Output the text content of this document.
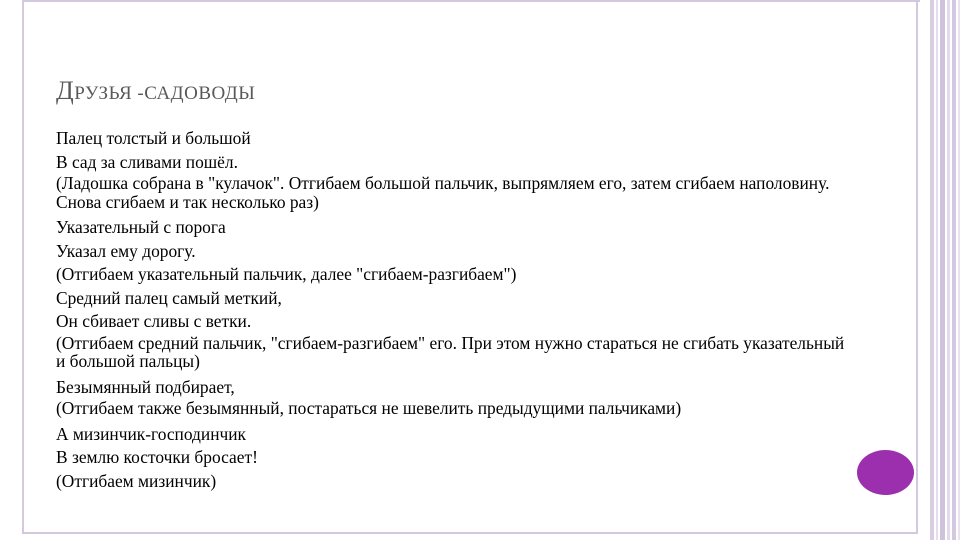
ДРУЗЬЯ -САДОВОДЫ
Палец толстый и большой
В сад за сливами пошёл.
(Ладошка собрана в "кулачок". Отгибаем большой пальчик, выпрямляем его, затем сгибаем наполовину. Снова сгибаем и так несколько раз)
Указательный с порога
Указал ему дорогу.
(Отгибаем указательный пальчик, далее "сгибаем-разгибаем")
Средний палец самый меткий,
Он сбивает сливы с ветки.
(Отгибаем средний пальчик, "сгибаем-разгибаем" его. При этом нужно стараться не сгибать указательный и большой пальцы)
Безымянный подбирает,
(Отгибаем также безымянный, постараться не шевелить предыдущими пальчиками)
А мизинчик-господинчик
В землю косточки бросает!
(Отгибаем мизинчик)
